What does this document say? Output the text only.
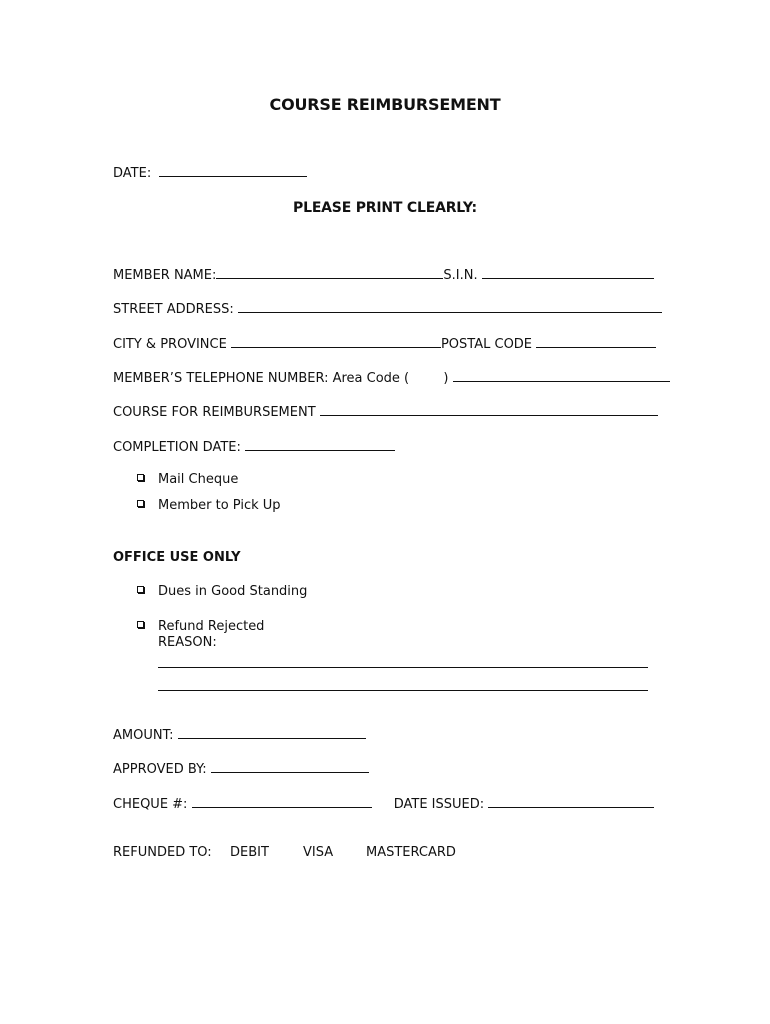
COURSE REIMBURSEMENT
DATE:
PLEASE PRINT CLEARLY:
MEMBER NAME:	S.I.N.
STREET ADDRESS:
CITY & PROVINCE	POSTAL CODE
MEMBER’S TELEPHONE NUMBER: Area Code (	)
COURSE FOR REIMBURSEMENT
COMPLETION DATE:
Mail Cheque
Member to Pick Up
OFFICE USE ONLY
Dues in Good Standing
Refund Rejected
REASON:
AMOUNT:
APPROVED BY:
CHEQUE #:	DATE ISSUED:
REFUNDED TO: DEBIT	VISA	MASTERCARD
